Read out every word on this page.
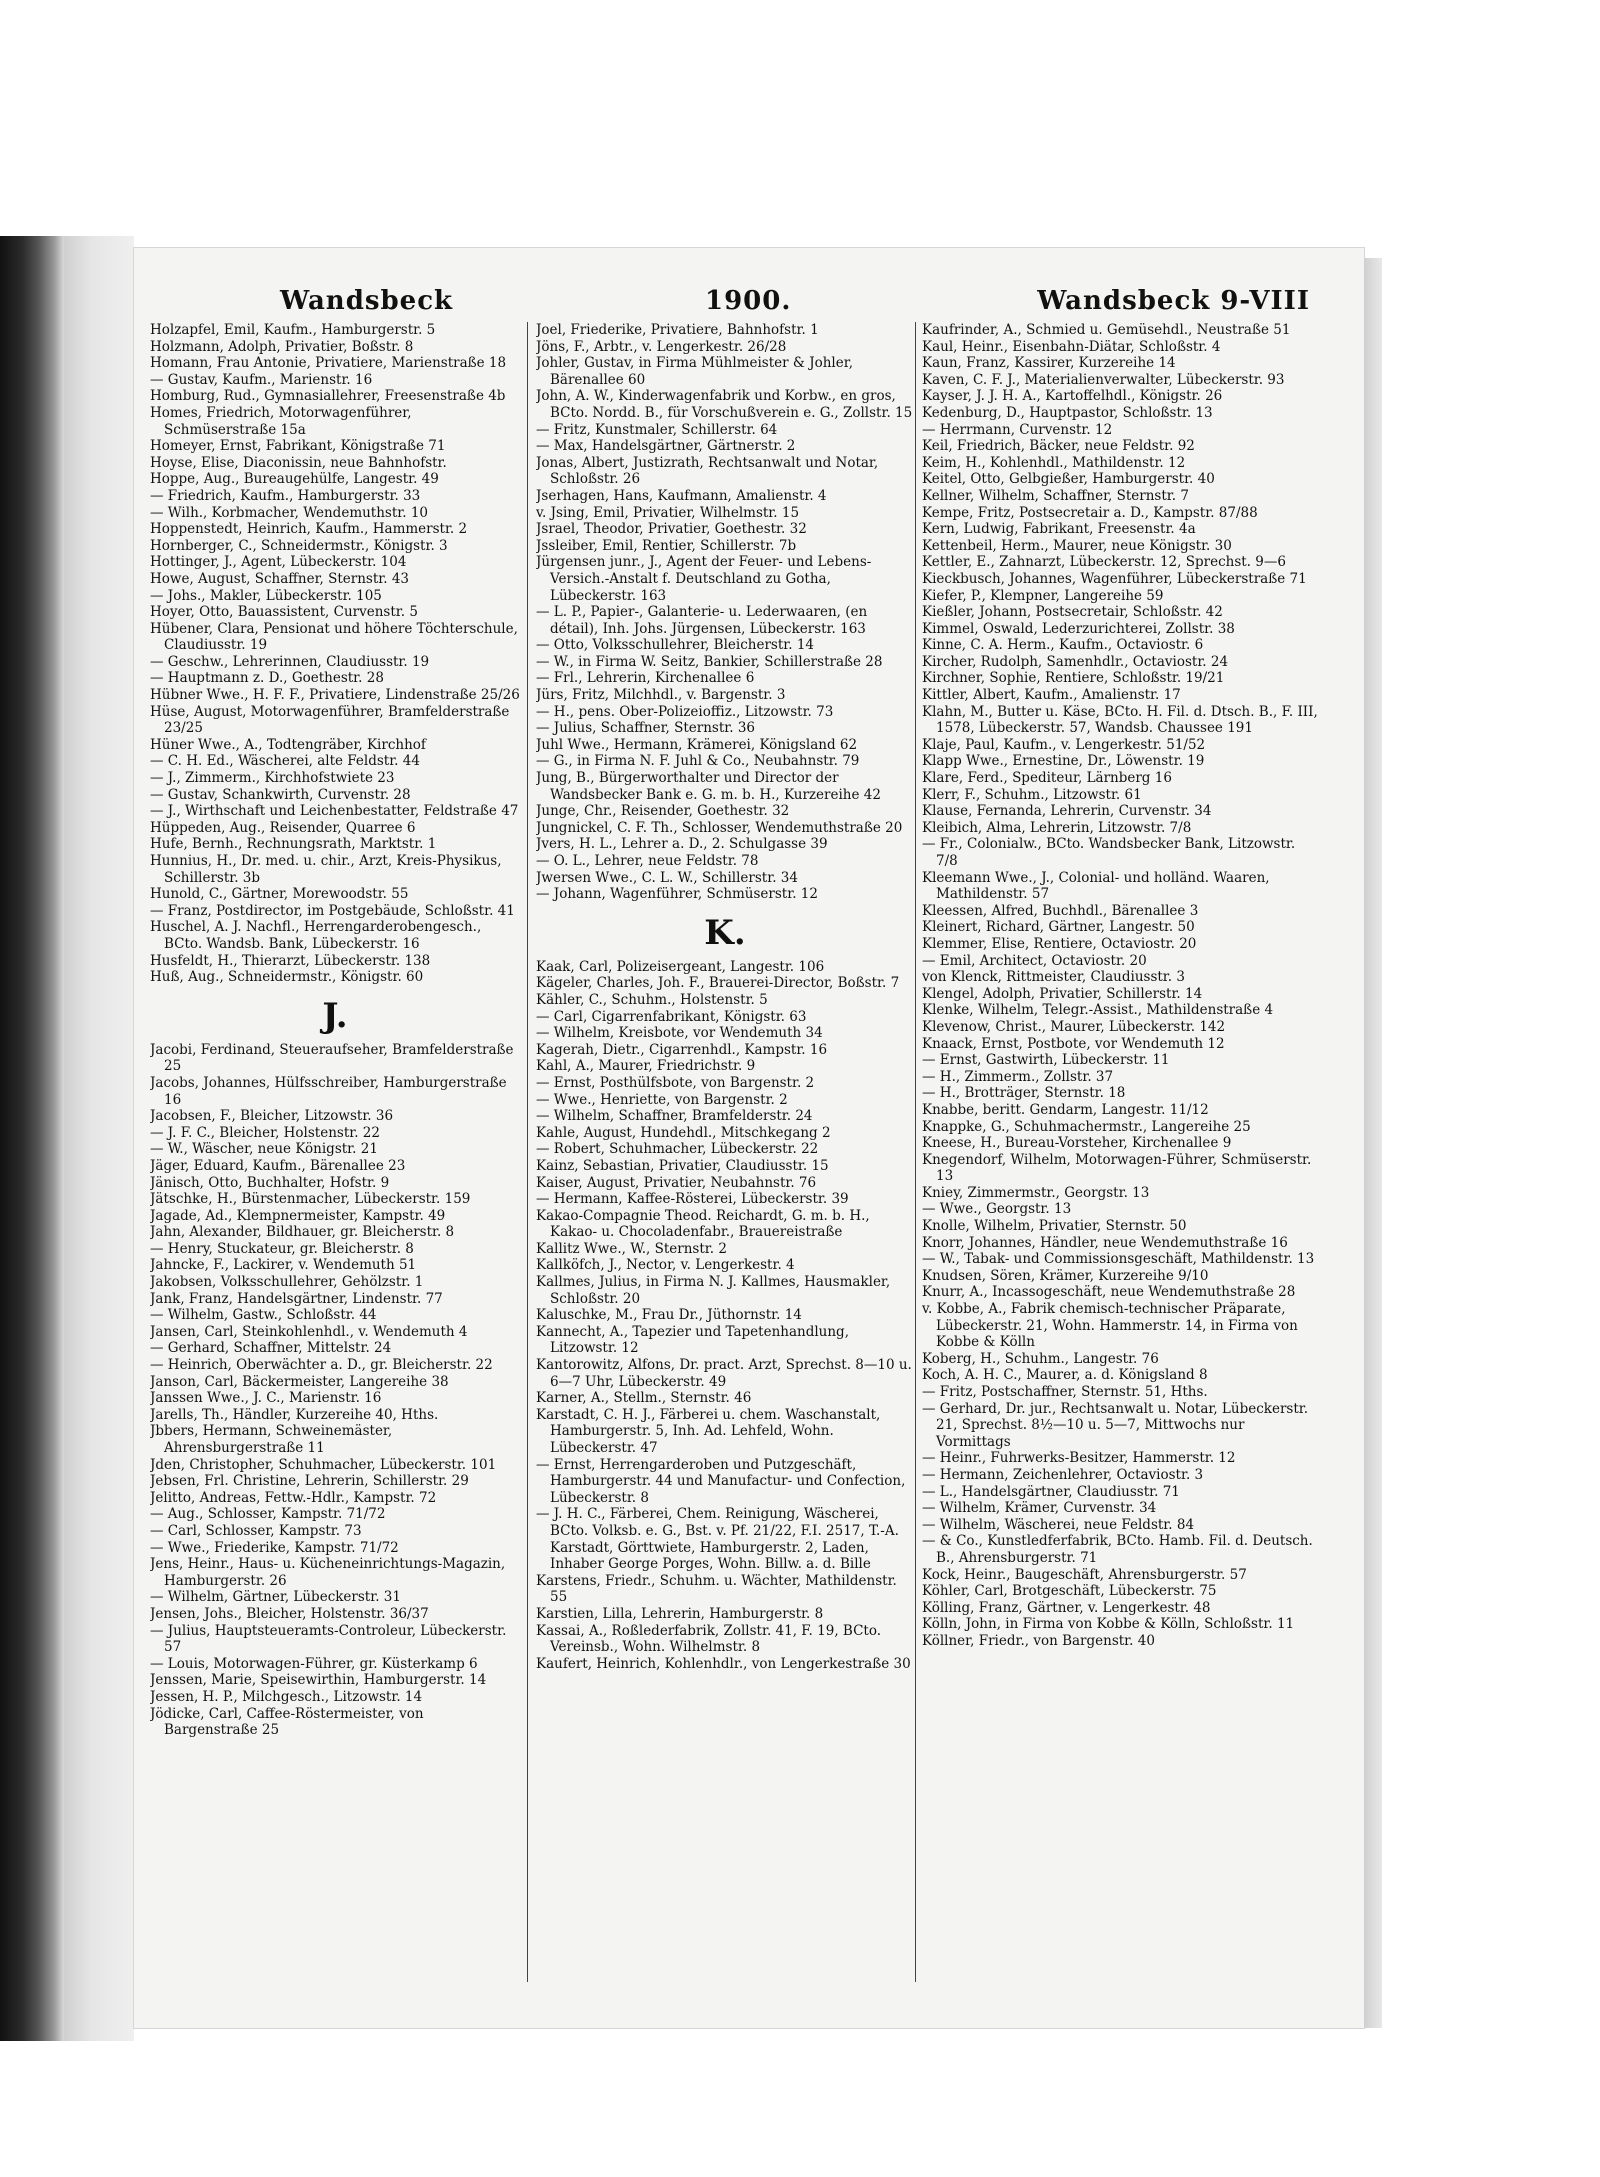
Wandsbeck	1900.	Wandsbeck 9-VIII

Holzapfel, Emil, Kaufm., Hamburgerstr. 5

Holzmann, Adolph, Privatier, Boßstr. 8

Homann, Frau Antonie, Privatiere, Marienstraße 18

— Gustav, Kaufm., Marienstr. 16

Homburg, Rud., Gymnasiallehrer, Freesenstraße 4b

Homes, Friedrich, Motorwagenführer, Schmüserstraße 15a

Homeyer, Ernst, Fabrikant, Königstraße 71

Hoyse, Elise, Diaconissin, neue Bahnhofstr.

Hoppe, Aug., Bureaugehülfe, Langestr. 49

— Friedrich, Kaufm., Hamburgerstr. 33

— Wilh., Korbmacher, Wendemuthstr. 10

Hoppenstedt, Heinrich, Kaufm., Hammerstr. 2

Hornberger, C., Schneidermstr., Königstr. 3

Hottinger, J., Agent, Lübeckerstr. 104

Howe, August, Schaffner, Sternstr. 43

— Johs., Makler, Lübeckerstr. 105

Hoyer, Otto, Bauassistent, Curvenstr. 5

Hübener, Clara, Pensionat und höhere Töchterschule, Claudiusstr. 19

— Geschw., Lehrerinnen, Claudiusstr. 19

— Hauptmann z. D., Goethestr. 28

Hübner Wwe., H. F. F., Privatiere, Lindenstraße 25/26

Hüse, August, Motorwagenführer, Bramfelderstraße 23/25

Hüner Wwe., A., Todtengräber, Kirchhof

— C. H. Ed., Wäscherei, alte Feldstr. 44

— J., Zimmerm., Kirchhofstwiete 23

— Gustav, Schankwirth, Curvenstr. 28

— J., Wirthschaft und Leichenbestatter, Feldstraße 47

Hüppeden, Aug., Reisender, Quarree 6

Hufe, Bernh., Rechnungsrath, Marktstr. 1

Hunnius, H., Dr. med. u. chir., Arzt, Kreis-Physikus, Schillerstr. 3b

Hunold, C., Gärtner, Morewoodstr. 55

— Franz, Postdirector, im Postgebäude, Schloßstr. 41

Huschel, A. J. Nachfl., Herrengarderobengesch., BCto. Wandsb. Bank, Lübeckerstr. 16

Husfeldt, H., Thierarzt, Lübeckerstr. 138

Huß, Aug., Schneidermstr., Königstr. 60

J.

Jacobi, Ferdinand, Steueraufseher, Bramfelderstraße 25

Jacobs, Johannes, Hülfsschreiber, Hamburgerstraße 16

Jacobsen, F., Bleicher, Litzowstr. 36

— J. F. C., Bleicher, Holstenstr. 22

— W., Wäscher, neue Königstr. 21

Jäger, Eduard, Kaufm., Bärenallee 23

Jänisch, Otto, Buchhalter, Hofstr. 9

Jätschke, H., Bürstenmacher, Lübeckerstr. 159

Jagade, Ad., Klempnermeister, Kampstr. 49

Jahn, Alexander, Bildhauer, gr. Bleicherstr. 8

— Henry, Stuckateur, gr. Bleicherstr. 8

Jahncke, F., Lackirer, v. Wendemuth 51

Jakobsen, Volksschullehrer, Gehölzstr. 1

Jank, Franz, Handelsgärtner, Lindenstr. 77

— Wilhelm, Gastw., Schloßstr. 44

Jansen, Carl, Steinkohlenhdl., v. Wendemuth 4

— Gerhard, Schaffner, Mittelstr. 24

— Heinrich, Oberwächter a. D., gr. Bleicherstr. 22

Janson, Carl, Bäckermeister, Langereihe 38

Janssen Wwe., J. C., Marienstr. 16

Jarells, Th., Händler, Kurzereihe 40, Hths.

Jbbers, Hermann, Schweinemäster, Ahrensburgerstraße 11

Jden, Christopher, Schuhmacher, Lübeckerstr. 101

Jebsen, Frl. Christine, Lehrerin, Schillerstr. 29

Jelitto, Andreas, Fettw.-Hdlr., Kampstr. 72

— Aug., Schlosser, Kampstr. 71/72

— Carl, Schlosser, Kampstr. 73

— Wwe., Friederike, Kampstr. 71/72

Jens, Heinr., Haus- u. Kücheneinrichtungs-Magazin, Hamburgerstr. 26

— Wilhelm, Gärtner, Lübeckerstr. 31

Jensen, Johs., Bleicher, Holstenstr. 36/37

— Julius, Hauptsteueramts-Controleur, Lübeckerstr. 57

— Louis, Motorwagen-Führer, gr. Küsterkamp 6

Jenssen, Marie, Speisewirthin, Hamburgerstr. 14

Jessen, H. P., Milchgesch., Litzowstr. 14

Jödicke, Carl, Caffee-Röstermeister, von Bargenstraße 25

Joel, Friederike, Privatiere, Bahnhofstr. 1

Jöns, F., Arbtr., v. Lengerkestr. 26/28

Johler, Gustav, in Firma Mühlmeister & Johler, Bärenallee 60

John, A. W., Kinderwagenfabrik und Korbw., en gros, BCto. Nordd. B., für Vorschußverein e. G., Zollstr. 15

— Fritz, Kunstmaler, Schillerstr. 64

— Max, Handelsgärtner, Gärtnerstr. 2

Jonas, Albert, Justizrath, Rechtsanwalt und Notar, Schloßstr. 26

Jserhagen, Hans, Kaufmann, Amalienstr. 4

v. Jsing, Emil, Privatier, Wilhelmstr. 15

Jsrael, Theodor, Privatier, Goethestr. 32

Jssleiber, Emil, Rentier, Schillerstr. 7b

Jürgensen junr., J., Agent der Feuer- und Lebens-Versich.-Anstalt f. Deutschland zu Gotha, Lübeckerstr. 163

— L. P., Papier-, Galanterie- u. Lederwaaren, (en détail), Inh. Johs. Jürgensen, Lübeckerstr. 163

— Otto, Volksschullehrer, Bleicherstr. 14

— W., in Firma W. Seitz, Bankier, Schillerstraße 28

— Frl., Lehrerin, Kirchenallee 6

Jürs, Fritz, Milchhdl., v. Bargenstr. 3

— H., pens. Ober-Polizeioffiz., Litzowstr. 73

— Julius, Schaffner, Sternstr. 36

Juhl Wwe., Hermann, Krämerei, Königsland 62

— G., in Firma N. F. Juhl & Co., Neubahnstr. 79

Jung, B., Bürgerworthalter und Director der Wandsbecker Bank e. G. m. b. H., Kurzereihe 42

Junge, Chr., Reisender, Goethestr. 32

Jungnickel, C. F. Th., Schlosser, Wendemuthstraße 20

Jvers, H. L., Lehrer a. D., 2. Schulgasse 39

— O. L., Lehrer, neue Feldstr. 78

Jwersen Wwe., C. L. W., Schillerstr. 34

— Johann, Wagenführer, Schmüserstr. 12

K.

Kaak, Carl, Polizeisergeant, Langestr. 106

Kägeler, Charles, Joh. F., Brauerei-Director, Boßstr. 7

Kähler, C., Schuhm., Holstenstr. 5

— Carl, Cigarrenfabrikant, Königstr. 63

— Wilhelm, Kreisbote, vor Wendemuth 34

Kagerah, Dietr., Cigarrenhdl., Kampstr. 16

Kahl, A., Maurer, Friedrichstr. 9

— Ernst, Posthülfsbote, von Bargenstr. 2

— Wwe., Henriette, von Bargenstr. 2

— Wilhelm, Schaffner, Bramfelderstr. 24

Kahle, August, Hundehdl., Mitschkegang 2

— Robert, Schuhmacher, Lübeckerstr. 22

Kainz, Sebastian, Privatier, Claudiusstr. 15

Kaiser, August, Privatier, Neubahnstr. 76

— Hermann, Kaffee-Rösterei, Lübeckerstr. 39

Kakao-Compagnie Theod. Reichardt, G. m. b. H., Kakao- u. Chocoladenfabr., Brauereistraße

Kallitz Wwe., W., Sternstr. 2

Kallköfch, J., Nector, v. Lengerkestr. 4

Kallmes, Julius, in Firma N. J. Kallmes, Hausmakler, Schloßstr. 20

Kaluschke, M., Frau Dr., Jüthornstr. 14

Kannecht, A., Tapezier und Tapetenhandlung, Litzowstr. 12

Kantorowitz, Alfons, Dr. pract. Arzt, Sprechst. 8—10 u. 6—7 Uhr, Lübeckerstr. 49

Karner, A., Stellm., Sternstr. 46

Karstadt, C. H. J., Färberei u. chem. Waschanstalt, Hamburgerstr. 5, Inh. Ad. Lehfeld, Wohn. Lübeckerstr. 47

— Ernst, Herrengarderoben und Putzgeschäft, Hamburgerstr. 44 und Manufactur- und Confection, Lübeckerstr. 8

— J. H. C., Färberei, Chem. Reinigung, Wäscherei, BCto. Volksb. e. G., Bst. v. Pf. 21/22, F.I. 2517, T.-A. Karstadt, Görttwiete, Hamburgerstr. 2, Laden, Inhaber George Porges, Wohn. Billw. a. d. Bille

Karstens, Friedr., Schuhm. u. Wächter, Mathildenstr. 55

Karstien, Lilla, Lehrerin, Hamburgerstr. 8

Kassai, A., Roßlederfabrik, Zollstr. 41, F. 19, BCto. Vereinsb., Wohn. Wilhelmstr. 8

Kaufert, Heinrich, Kohlenhdlr., von Lengerkestraße 30

Kaufrinder, A., Schmied u. Gemüsehdl., Neustraße 51

Kaul, Heinr., Eisenbahn-Diätar, Schloßstr. 4

Kaun, Franz, Kassirer, Kurzereihe 14

Kaven, C. F. J., Materialienverwalter, Lübeckerstr. 93

Kayser, J. J. H. A., Kartoffelhdl., Königstr. 26

Kedenburg, D., Hauptpastor, Schloßstr. 13

— Herrmann, Curvenstr. 12

Keil, Friedrich, Bäcker, neue Feldstr. 92

Keim, H., Kohlenhdl., Mathildenstr. 12

Keitel, Otto, Gelbgießer, Hamburgerstr. 40

Kellner, Wilhelm, Schaffner, Sternstr. 7

Kempe, Fritz, Postsecretair a. D., Kampstr. 87/88

Kern, Ludwig, Fabrikant, Freesenstr. 4a

Kettenbeil, Herm., Maurer, neue Königstr. 30

Kettler, E., Zahnarzt, Lübeckerstr. 12, Sprechst. 9—6

Kieckbusch, Johannes, Wagenführer, Lübeckerstraße 71

Kiefer, P., Klempner, Langereihe 59

Kießler, Johann, Postsecretair, Schloßstr. 42

Kimmel, Oswald, Lederzurichterei, Zollstr. 38

Kinne, C. A. Herm., Kaufm., Octaviostr. 6

Kircher, Rudolph, Samenhdlr., Octaviostr. 24

Kirchner, Sophie, Rentiere, Schloßstr. 19/21

Kittler, Albert, Kaufm., Amalienstr. 17

Klahn, M., Butter u. Käse, BCto. H. Fil. d. Dtsch. B., F. III, 1578, Lübeckerstr. 57, Wandsb. Chaussee 191

Klaje, Paul, Kaufm., v. Lengerkestr. 51/52

Klapp Wwe., Ernestine, Dr., Löwenstr. 19

Klare, Ferd., Spediteur, Lärnberg 16

Klerr, F., Schuhm., Litzowstr. 61

Klause, Fernanda, Lehrerin, Curvenstr. 34

Kleibich, Alma, Lehrerin, Litzowstr. 7/8

— Fr., Colonialw., BCto. Wandsbecker Bank, Litzowstr. 7/8

Kleemann Wwe., J., Colonial- und holländ. Waaren, Mathildenstr. 57

Kleessen, Alfred, Buchhdl., Bärenallee 3

Kleinert, Richard, Gärtner, Langestr. 50

Klemmer, Elise, Rentiere, Octaviostr. 20

— Emil, Architect, Octaviostr. 20

von Klenck, Rittmeister, Claudiusstr. 3

Klengel, Adolph, Privatier, Schillerstr. 14

Klenke, Wilhelm, Telegr.-Assist., Mathildenstraße 4

Klevenow, Christ., Maurer, Lübeckerstr. 142

Knaack, Ernst, Postbote, vor Wendemuth 12

— Ernst, Gastwirth, Lübeckerstr. 11

— H., Zimmerm., Zollstr. 37

— H., Brotträger, Sternstr. 18

Knabbe, beritt. Gendarm, Langestr. 11/12

Knappke, G., Schuhmachermstr., Langereihe 25

Kneese, H., Bureau-Vorsteher, Kirchenallee 9

Knegendorf, Wilhelm, Motorwagen-Führer, Schmüserstr. 13

Kniey, Zimmermstr., Georgstr. 13

— Wwe., Georgstr. 13

Knolle, Wilhelm, Privatier, Sternstr. 50

Knorr, Johannes, Händler, neue Wendemuthstraße 16

— W., Tabak- und Commissionsgeschäft, Mathildenstr. 13

Knudsen, Sören, Krämer, Kurzereihe 9/10

Knurr, A., Incassogeschäft, neue Wendemuthstraße 28

v. Kobbe, A., Fabrik chemisch-technischer Präparate, Lübeckerstr. 21, Wohn. Hammerstr. 14, in Firma von Kobbe & Kölln

Koberg, H., Schuhm., Langestr. 76

Koch, A. H. C., Maurer, a. d. Königsland 8

— Fritz, Postschaffner, Sternstr. 51, Hths.

— Gerhard, Dr. jur., Rechtsanwalt u. Notar, Lübeckerstr. 21, Sprechst. 8½—10 u. 5—7, Mittwochs nur Vormittags

— Heinr., Fuhrwerks-Besitzer, Hammerstr. 12

— Hermann, Zeichenlehrer, Octaviostr. 3

— L., Handelsgärtner, Claudiusstr. 71

— Wilhelm, Krämer, Curvenstr. 34

— Wilhelm, Wäscherei, neue Feldstr. 84

— & Co., Kunstledferfabrik, BCto. Hamb. Fil. d. Deutsch. B., Ahrensburgerstr. 71

Kock, Heinr., Baugeschäft, Ahrensburgerstr. 57

Köhler, Carl, Brotgeschäft, Lübeckerstr. 75

Kölling, Franz, Gärtner, v. Lengerkestr. 48

Kölln, John, in Firma von Kobbe & Kölln, Schloßstr. 11

Köllner, Friedr., von Bargenstr. 40
